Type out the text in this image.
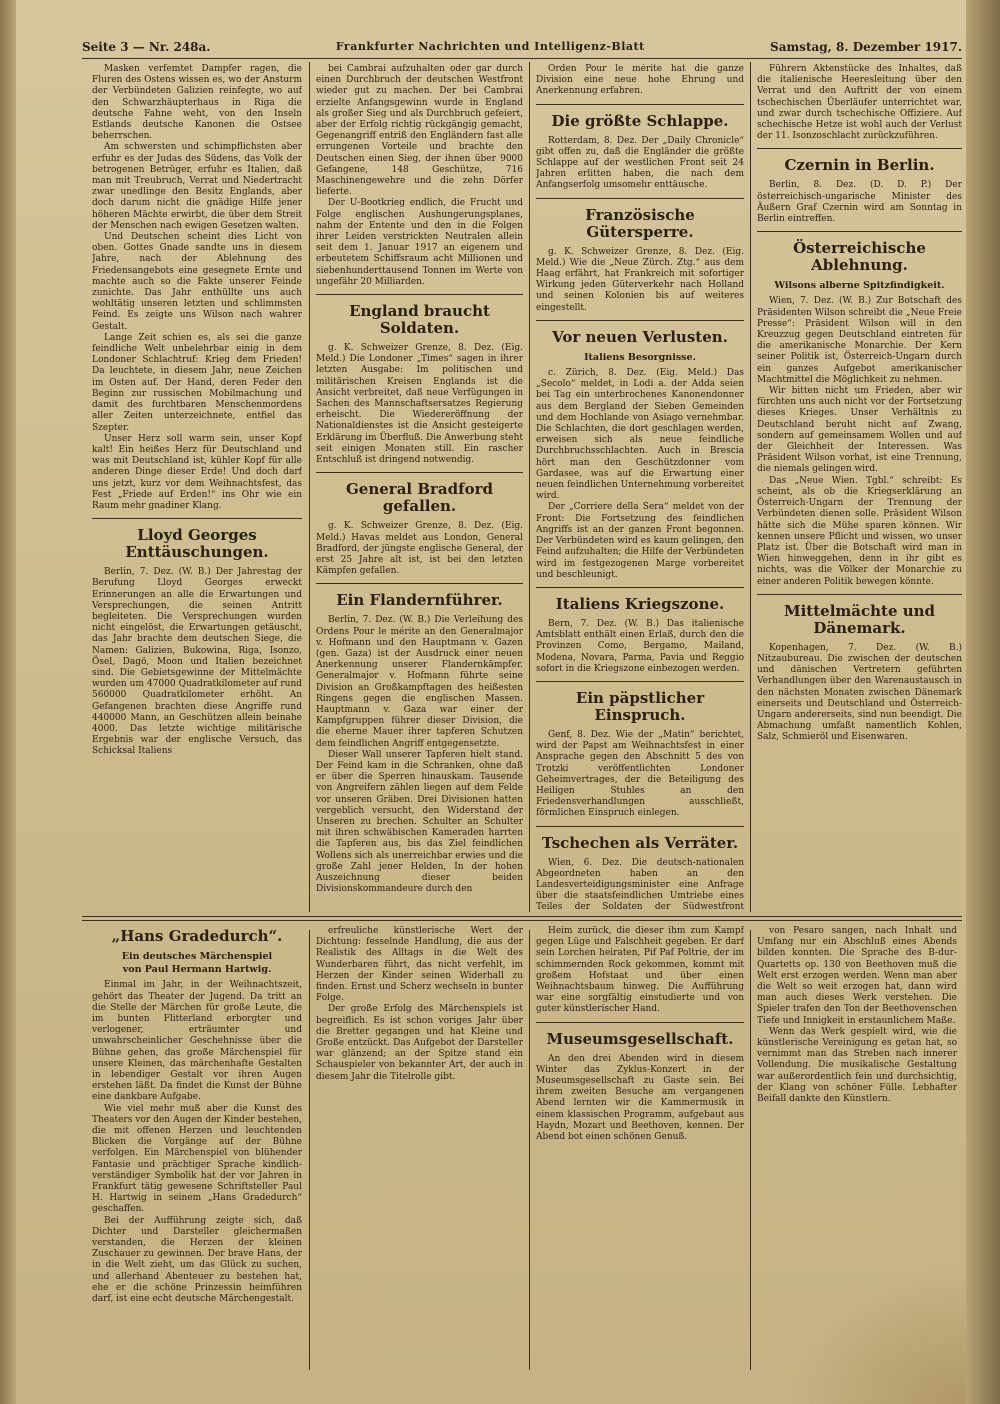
Seite 3 — Nr. 248a.	Frankfurter Nachrichten und Intelligenz-Blatt	Samstag, 8. Dezember 1917.

Masken verfemtet Dampfer ragen, die Fluren des Ostens wissen es, wo der Ansturm der Verbündeten Galizien reinfegte, wo auf den Schwarzhäupterhaus in Riga die deutsche Fahne weht, von den Inseln Estlands deutsche Kanonen die Ostsee beherrschen.

Am schwersten und schimpflichsten aber erfuhr es der Judas des Südens, das Volk der betrogenen Betrüger, erfuhr es Italien, daß man mit Treubruch, Verrat und Niedertracht zwar unedlinge den Besitz Englands, aber doch darum nicht die gnädige Hilfe jener höheren Mächte erwirbt, die über dem Streit der Menschen nach ewigen Gesetzen walten.

Und Deutschen scheint dies Licht von oben. Gottes Gnade sandte uns in diesem Jahre, nach der Ablehnung des Friedensangebots eine gesegnete Ernte und machte auch so die Fakte unserer Feinde zunichte. Das Jahr enthüllte uns auch wohltätig unseren letzten und schlimmsten Feind. Es zeigte uns Wilson nach wahrer Gestalt.

Lange Zeit schien es, als sei die ganze feindliche Welt unbelehrbar einig in dem Londoner Schlachtruf: Krieg dem Frieden! Da leuchtete, in diesem Jahr, neue Zeichen im Osten auf. Der Hand, deren Feder den Beginn zur russischen Mobilmachung und damit des furchtbaren Menschenmordens aller Zeiten unterzeichnete, entfiel das Szepter.

Unser Herz soll warm sein, unser Kopf kalt! Ein heißes Herz für Deutschland und was mit Deutschland ist, kühler Kopf für alle anderen Dinge dieser Erde! Und doch darf uns jetzt, kurz vor dem Weihnachtsfest, das Fest „Friede auf Erden!“ ins Ohr wie ein Raum mehr gnadiner Klang.

Lloyd Georges Enttäuschungen.

Berlin, 7. Dez. (W. B.) Der Jahrestag der Berufung Lloyd Georges erweckt Erinnerungen an alle die Erwartungen und Versprechungen, die seinen Antritt begleiteten. Die Versprechungen wurden nicht eingelöst, die Erwartungen getäuscht, das Jahr brachte dem deutschen Siege, die Namen: Galizien, Bukowina, Riga, Isonzo, Ösel, Dagö, Moon und Italien bezeichnet sind. Die Gebietsgewinne der Mittelmächte wurden um 47000 Quadratkilometer auf rund 560000 Quadratkilometer erhöht. An Gefangenen brachten diese Angriffe rund 440000 Mann, an Geschützen allein beinahe 4000. Das letzte wichtige militärische Ergebnis war der englische Versuch, das Schicksal Italiens

bei Cambrai aufzuhalten oder gar durch einen Durchbruch der deutschen Westfront wieder gut zu machen. Der bei Cambrai erzielte Anfangsgewinn wurde in England als großer Sieg und als Durchbruch gefeiert, aber der Erfolg richtig rückgängig gemacht, Gegenangriff entriß den Engländern fast alle errungenen Vorteile und brachte den Deutschen einen Sieg, der ihnen über 9000 Gefangene, 148 Geschütze, 716 Maschinengewehre und die zehn Dörfer lieferte.

Der U-Bootkrieg endlich, die Frucht und Folge englischen Aushungerungsplanes, nahm der Entente und den in die Folgen ihrer Leiden verstrickten Neutralen allein seit dem 1. Januar 1917 an eigenem und erbeutetem Schiffsraum acht Millionen und siebenhunderttausend Tonnen im Werte von ungefähr 20 Milliarden.

England braucht Soldaten.

g. K. Schweizer Grenze, 8. Dez. (Eig. Meld.) Die Londoner „Times“ sagen in ihrer letzten Ausgabe: Im politischen und militärischen Kreisen Englands ist die Ansicht verbreitet, daß neue Verfügungen in Sachen des Mannschaftsersatzes Regierung erheischt. Die Wiedereröffnung der Nationaldienstes ist die Ansicht gesteigerte Erklärung im Überfluß. Die Anwerbung steht seit einigen Monaten still. Ein rascher Entschluß ist dringend notwendig.

General Bradford gefallen.

g. K. Schweizer Grenze, 8. Dez. (Eig. Meld.) Havas meldet aus London, General Bradford, der jüngste englische General, der erst 25 Jahre alt ist, ist bei den letzten Kämpfen gefallen.

Ein Flandernführer.

Berlin, 7. Dez. (W. B.) Die Verleihung des Ordens Pour le mérite an den Generalmajor v. Hofmann und den Hauptmann v. Gazen (gen. Gaza) ist der Ausdruck einer neuen Anerkennung unserer Flandernkämpfer. Generalmajor v. Hofmann führte seine Division an Großkampftagen des heißesten Ringens gegen die englischen Massen. Hauptmann v. Gaza war einer der Kampfgruppen führer dieser Division, die die eherne Mauer ihrer tapferen Schutzen dem feindlichen Angriff entgegensetzte.

Dieser Wall unserer Tapferen hielt stand. Der Feind kam in die Schranken, ohne daß er über die Sperren hinauskam. Tausende von Angreifern zählen liegen auf dem Felde vor unseren Gräben. Drei Divisionen hatten vergeblich versucht, den Widerstand der Unseren zu brechen. Schulter an Schulter mit ihren schwäbischen Kameraden harrten die Tapferen aus, bis das Ziel feindlichen Wollens sich als unerreichbar erwies und die große Zahl jener Helden, In der hohen Auszeichnung dieser beiden Divisionskommandeure durch den

Orden Pour le mérite hat die ganze Division eine neue hohe Ehrung und Anerkennung erfahren.

Die größte Schlappe.

Rotterdam, 8. Dez. Der „Daily Chronicle“ gibt offen zu, daß die Engländer die größte Schlappe auf der westlichen Front seit 24 Jahren erlitten haben, die nach dem Anfangserfolg umsomehr enttäusche.

Französische Gütersperre.

g. K. Schweizer Grenze, 8. Dez. (Eig. Meld.) Wie die „Neue Zürch. Ztg.“ aus dem Haag erfährt, hat Frankreich mit sofortiger Wirkung jeden Güterverkehr nach Holland und seinen Kolonien bis auf weiteres eingestellt.

Vor neuen Verlusten.
Italiens Besorgnisse.

c. Zürich, 8. Dez. (Eig. Meld.) Das „Secolo“ meldet, in Lodi a. der Adda seien bei Tag ein unterbrochenes Kanonendonner aus dem Bergland der Sieben Gemeinden und dem Hochlande von Asiago vernehmbar. Die Schlachten, die dort geschlagen werden, erweisen sich als neue feindliche Durchbruchsschlachten. Auch in Brescia hört man den Geschützdonner vom Gardasee, was auf die Erwartung einer neuen feindlichen Unternehmung vorbereitet wird.

Der „Corriere della Sera“ meldet von der Front: Die Fortsetzung des feindlichen Angriffs ist an der ganzen Front begonnen. Der Verbündeten wird es kaum gelingen, den Feind aufzuhalten; die Hilfe der Verbündeten wird im festgezogenen Marge vorbereitet und beschleunigt.

Italiens Kriegszone.

Bern, 7. Dez. (W. B.) Das italienische Amtsblatt enthält einen Erlaß, durch den die Provinzen Como, Bergamo, Mailand, Modena, Novara, Parma, Pavia und Reggio sofort in die Kriegszone einbezogen werden.

Ein päpstlicher Einspruch.

Genf, 8. Dez. Wie der „Matin“ berichtet, wird der Papst am Weihnachtsfest in einer Ansprache gegen den Abschnitt 5 des von Trotzki veröffentlichten Londoner Geheimvertrages, der die Beteiligung des Heiligen Stuhles an den Friedensverhandlungen ausschließt, förmlichen Einspruch einlegen.

Tschechen als Verräter.

Wien, 6. Dez. Die deutsch-nationalen Abgeordneten haben an den Landesverteidigungsminister eine Anfrage über die staatsfeindlichen Umtriebe eines Teiles der Soldaten der Südwestfront

Führern Aktenstücke des Inhaltes, daß die italienische Heeresleitung über den Verrat und den Auftritt der von einem tschechischen Überläufer unterrichtet war, und zwar durch tschechische Offiziere. Auf schechische Hetze ist wohl auch der Verlust der 11. Isonzoschlacht zurückzuführen.

Czernin in Berlin.

Berlin, 8. Dez. (D. D. P.) Der österreichisch-ungarische Minister des Äußern Graf Czernin wird am Sonntag in Berlin eintreffen.

Österreichische Ablehnung.
Wilsons alberne Spitzfindigkeit.

Wien, 7. Dez. (W. B.) Zur Botschaft des Präsidenten Wilson schreibt die „Neue Freie Presse“: Präsident Wilson will in den Kreuzzug gegen Deutschland eintreten für die amerikanische Monarchie. Der Kern seiner Politik ist, Österreich-Ungarn durch ein ganzes Aufgebot amerikanischer Machtmittel die Möglichkeit zu nehmen.

Wir bitten nicht um Frieden, aber wir fürchten uns auch nicht vor der Fortsetzung dieses Krieges. Unser Verhältnis zu Deutschland beruht nicht auf Zwang, sondern auf gemeinsamem Wollen und auf der Gleichheit der Interessen. Was Präsident Wilson vorhat, ist eine Trennung, die niemals gelingen wird.

Das „Neue Wien. Tgbl.“ schreibt: Es scheint, als ob die Kriegserklärung an Österreich-Ungarn der Trennung der Verbündeten dienen solle. Präsident Wilson hätte sich die Mühe sparen können. Wir kennen unsere Pflicht und wissen, wo unser Platz ist. Über die Botschaft wird man in Wien hinweggehen, denn in ihr gibt es nichts, was die Völker der Monarchie zu einer anderen Politik bewegen könnte.

Mittelmächte und Dänemark.

Kopenhagen, 7. Dez. (W. B.) Nitzaubureau. Die zwischen der deutschen und dänischen Vertretern geführten Verhandlungen über den Warenaustausch in den nächsten Monaten zwischen Dänemark einerseits und Deutschland und Österreich-Ungarn andererseits, sind nun beendigt. Die Abmachung umfaßt namentlich Kohlen, Salz, Schmieröl und Eisenwaren.

„Hans Gradedurch“.
Ein deutsches Märchenspiel
von Paul Hermann Hartwig.

Einmal im Jahr, in der Weihnachtszeit, gehört das Theater der Jugend. Da tritt an die Stelle der Märchen für große Leute, die im bunten Flitterland erborgter und verlogener, erträumter und unwahrscheinlicher Geschehnisse über die Bühne gehen, das große Märchenspiel für unsere Kleinen, das märchenhafte Gestalten in lebendiger Gestalt vor ihren Augen erstehen läßt. Da findet die Kunst der Bühne eine dankbare Aufgabe.

Wie viel mehr muß aber die Kunst des Theaters vor den Augen der Kinder bestehen, die mit offenen Herzen und leuchtenden Blicken die Vorgänge auf der Bühne verfolgen. Ein Märchenspiel von blühender Fantasie und prächtiger Sprache kindlich-verständiger Symbolik hat der vor Jahren in Frankfurt tätig gewesene Schriftsteller Paul H. Hartwig in seinem „Hans Gradedurch“ geschaffen.

Bei der Aufführung zeigte sich, daß Dichter und Darsteller gleichermaßen verstanden, die Herzen der kleinen Zuschauer zu gewinnen. Der brave Hans, der in die Welt zieht, um das Glück zu suchen, und allerhand Abenteuer zu bestehen hat, ehe er die schöne Prinzessin heimführen darf, ist eine echt deutsche Märchengestalt.

erfreuliche künstlerische Wert der Dichtung: fesselnde Handlung, die aus der Realistik des Alltags in die Welt des Wunderbaren führt, das nicht verfehlt, im Herzen der Kinder seinen Widerhall zu finden. Ernst und Scherz wechseln in bunter Folge.

Der große Erfolg des Märchenspiels ist begreiflich. Es ist schon voriges Jahr über die Bretter gegangen und hat Kleine und Große entzückt. Das Aufgebot der Darsteller war glänzend; an der Spitze stand ein Schauspieler von bekannter Art, der auch in diesem Jahr die Titelrolle gibt.

Heim zurück, die dieser ihm zum Kampf gegen Lüge und Falschheit gegeben. Er darf sein Lorchen heiraten, Pif Paf Poltrie, der im schimmernden Rock gekommen, kommt mit großem Hofstaat und über einen Weihnachtsbaum hinweg. Die Aufführung war eine sorgfältig einstudierte und von guter künstlerischer Hand.

Museumsgesellschaft.

An den drei Abenden wird in diesem Winter das Zyklus-Konzert in der Museumsgesellschaft zu Gaste sein. Bei ihrem zweiten Besuche am vergangenen Abend lernten wir die Kammermusik in einem klassischen Programm, aufgebaut aus Haydn, Mozart und Beethoven, kennen. Der Abend bot einen schönen Genuß.

von Pesaro sangen, nach Inhalt und Umfang nur ein Abschluß eines Abends bilden konnten. Die Sprache des B-dur-Quartetts op. 130 von Beethoven muß die Welt erst erzogen werden. Wenn man aber die Welt so weit erzogen hat, dann wird man auch dieses Werk verstehen. Die Spieler trafen den Ton der Beethovenschen Tiefe und Innigkeit in erstaunlichem Maße.

Wenn das Werk gespielt wird, wie die künstlerische Vereinigung es getan hat, so vernimmt man das Streben nach innerer Vollendung. Die musikalische Gestaltung war außerordentlich fein und durchsichtig, der Klang von schöner Fülle. Lebhafter Beifall dankte den Künstlern.
